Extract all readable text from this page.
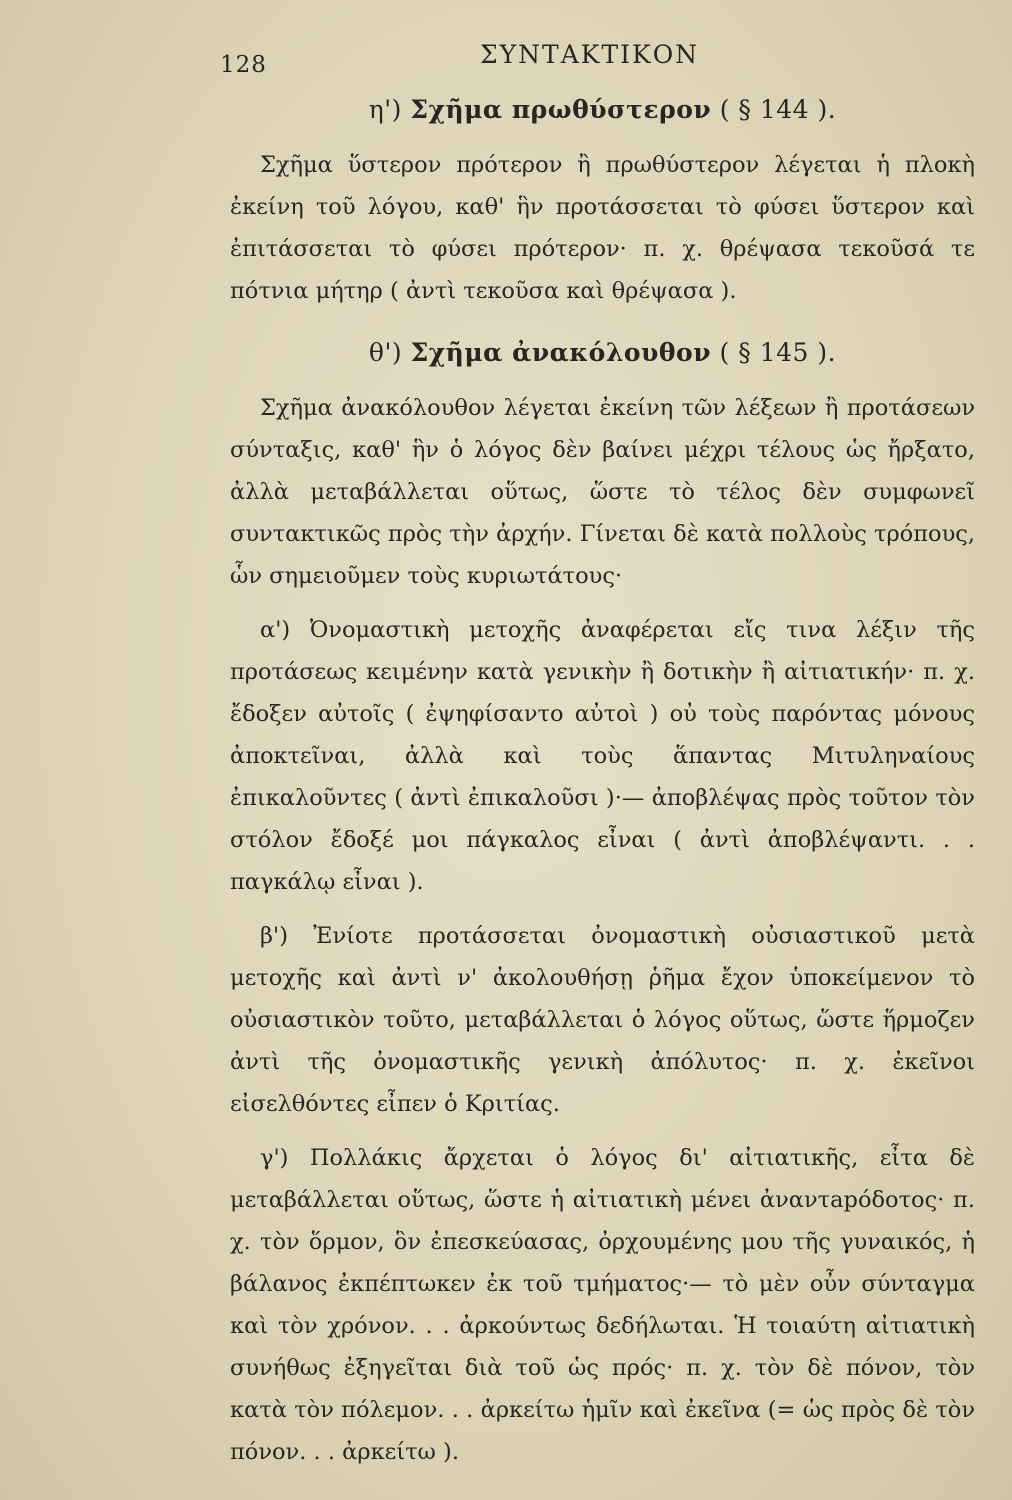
128	ΣΥΝΤΑΚΤΙΚΟΝ
η') Σχῆμα πρωθύστερον ( § 144 ).

Σχῆμα ὕστερον πρότερον ἢ πρωθύστερον λέγεται ἡ πλοκὴ ἐκείνη τοῦ λόγου, καθ' ἣν προτάσσεται τὸ φύσει ὕστερον καὶ ἐπιτάσσεται τὸ φύσει πρότερον· π. χ. θρέψασα τεκοῦσά τε πότνια μήτηρ ( ἀντὶ τεκοῦσα καὶ θρέψασα ).

θ') Σχῆμα ἀνακόλουθον ( § 145 ).

Σχῆμα ἀνακόλουθον λέγεται ἐκείνη τῶν λέξεων ἢ προτάσεων σύνταξις, καθ' ἣν ὁ λόγος δὲν βαίνει μέχρι τέλους ὡς ἤρξατο, ἀλλὰ μεταβάλλεται οὕτως, ὥστε τὸ τέλος δὲν συμφωνεῖ συντακτικῶς πρὸς τὴν ἀρχήν. Γίνεται δὲ κατὰ πολλοὺς τρόπους, ὧν σημειοῦμεν τοὺς κυριωτάτους·

α') Ὀνομαστικὴ μετοχῆς ἀναφέρεται εἴς τινα λέξιν τῆς προτάσεως κειμένην κατὰ γενικὴν ἢ δοτικὴν ἢ αἰτιατικήν· π. χ. ἔδοξεν αὐτοῖς ( ἐψηφίσαντο αὐτοὶ ) οὐ τοὺς παρόντας μόνους ἀποκτεῖναι, ἀλλὰ καὶ τοὺς ἅπαντας Μιτυληναίους ἐπικαλοῦντες ( ἀντὶ ἐπικαλοῦσι )·— ἀποβλέψας πρὸς τοῦτον τὸν στόλον ἔδοξέ μοι πάγκαλος εἶναι ( ἀντὶ ἀποβλέψαντι. . . παγκάλῳ εἶναι ).

β') Ἐνίοτε προτάσσεται ὀνομαστικὴ οὐσιαστικοῦ μετὰ μετοχῆς καὶ ἀντὶ ν' ἀκολουθήσῃ ῥῆμα ἔχον ὑποκείμενον τὸ οὐσιαστικὸν τοῦτο, μεταβάλλεται ὁ λόγος οὕτως, ὥστε ἥρμοζεν ἀντὶ τῆς ὀνομαστικῆς γενικὴ ἀπόλυτος· π. χ. ἐκεῖνοι εἰσελθόντες εἶπεν ὁ Κριτίας.

γ') Πολλάκις ἄρχεται ὁ λόγος δι' αἰτιατικῆς, εἶτα δὲ μεταβάλλεται οὕτως, ὥστε ἡ αἰτιατικὴ μένει ἀναντapόδοτος· π. χ. τὸν ὅρμον, ὃν ἐπεσκεύασας, ὀρχουμένης μου τῆς γυναικός, ἡ βάλανος ἐκπέπτωκεν ἐκ τοῦ τμήματος·— τὸ μὲν οὖν σύνταγμα καὶ τὸν χρόνον. . . ἀρκούντως δεδήλωται. Ἡ τοιαύτη αἰτιατικὴ συνήθως ἐξηγεῖται διὰ τοῦ ὡς πρός· π. χ. τὸν δὲ πόνον, τὸν κατὰ τὸν πόλεμον. . . ἀρκείτω ἡμῖν καὶ ἐκεῖνα (= ὡς πρὸς δὲ τὸν πόνον. . . ἀρκείτω ).
